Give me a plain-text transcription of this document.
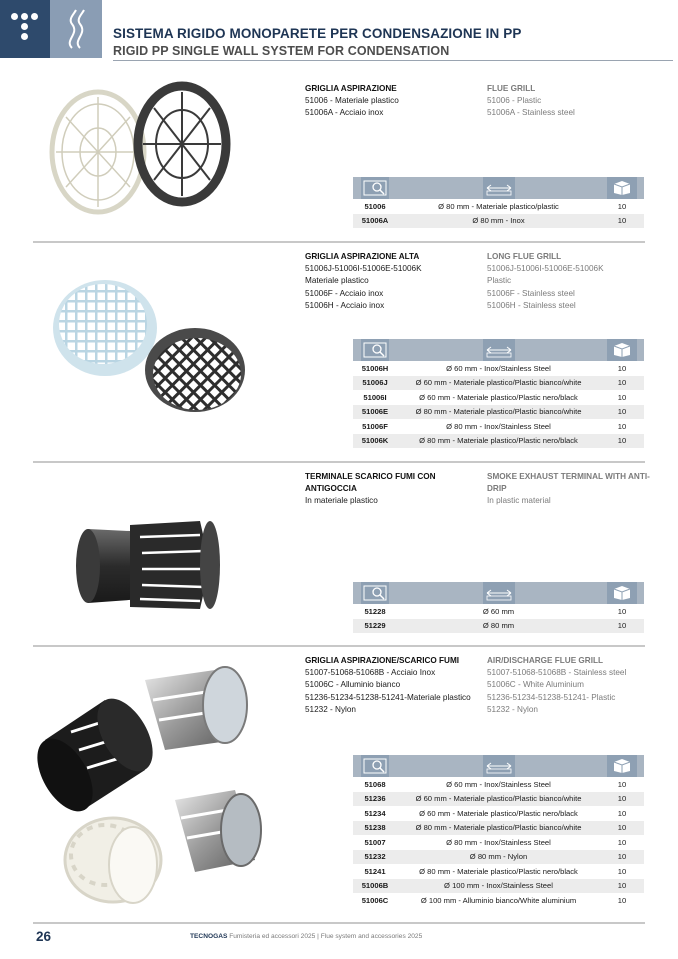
SISTEMA RIGIDO MONOPARETE PER CONDENSAZIONE IN PP
RIGID PP SINGLE WALL SYSTEM FOR CONDENSATION
GRIGLIA ASPIRAZIONE
51006 - Materiale plastico
51006A - Acciaio inox
FLUE GRILL
51006 - Plastic
51006A - Stainless steel
51006	Ø 80 mm - Materiale plastico/plastic	10
51006A	Ø 80 mm - Inox	10
GRIGLIA ASPIRAZIONE ALTA
51006J-51006I-51006E-51006K
Materiale plastico
51006F - Acciaio inox
51006H - Acciaio inox
LONG FLUE GRILL
51006J-51006I-51006E-51006K
Plastic
51006F - Stainless steel
51006H - Stainless steel
51006H	Ø 60 mm - Inox/Stainless Steel	10
51006J	Ø 60 mm - Materiale plastico/Plastic bianco/white	10
51006I	Ø 60 mm - Materiale plastico/Plastic nero/black	10
51006E	Ø 80 mm - Materiale plastico/Plastic bianco/white	10
51006F	Ø 80 mm - Inox/Stainless Steel	10
51006K	Ø 80 mm - Materiale plastico/Plastic nero/black	10
TERMINALE SCARICO FUMI CON ANTIGOCCIA
In materiale plastico
SMOKE EXHAUST TERMINAL WITH ANTI-DRIP
In plastic material
51228	Ø 60 mm	10
51229	Ø 80 mm	10
GRIGLIA ASPIRAZIONE/SCARICO FUMI
51007-51068-51068B - Acciaio Inox
51006C - Alluminio bianco
51236-51234-51238-51241-Materiale plastico
51232 - Nylon
AIR/DISCHARGE FLUE GRILL
51007-51068-51068B - Stainless steel
51006C - White Aluminium
51236-51234-51238-51241- Plastic
51232 - Nylon
51068	Ø 60 mm - Inox/Stainless Steel	10
51236	Ø 60 mm - Materiale plastico/Plastic bianco/white	10
51234	Ø 60 mm - Materiale plastico/Plastic nero/black	10
51238	Ø 80 mm - Materiale plastico/Plastic bianco/white	10
51007	Ø 80 mm - Inox/Stainless Steel	10
51232	Ø 80 mm - Nylon	10
51241	Ø 80 mm - Materiale plastico/Plastic nero/black	10
51006B	Ø 100 mm - Inox/Stainless Steel	10
51006C	Ø 100 mm - Alluminio bianco/White aluminium	10
26	TECNOGAS Fumisteria ed accessori 2025 | Flue system and accessories 2025
